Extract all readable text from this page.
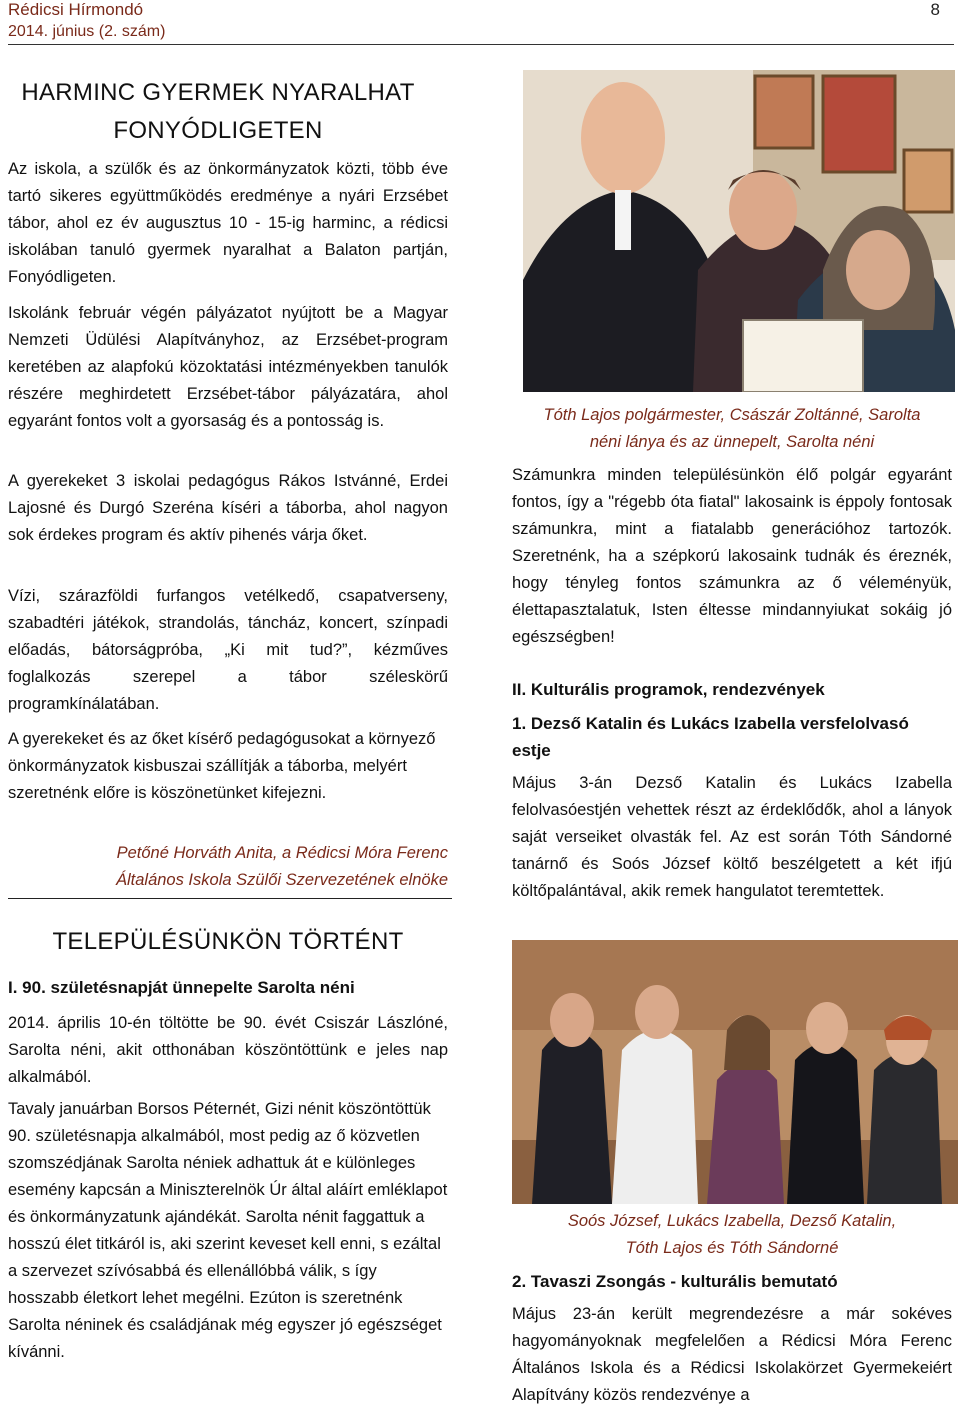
Rédicsi Hírmondó
2014. június (2. szám)
8
HARMINC GYERMEK NYARALHAT
FONYÓDLIGETEN

Az iskola, a szülők és az önkormányzatok közti, több éve tartó sikeres együttműködés eredménye a nyári Erzsébet tábor, ahol ez év augusztus 10 - 15-ig harminc, a rédicsi iskolában tanuló gyermek nyaralhat a Balaton partján, Fonyódligeten.

Iskolánk február végén pályázatot nyújtott be a Magyar Nemzeti Üdülési Alapítványhoz, az Erzsébet-program keretében az alapfokú közoktatási intézményekben tanulók részére meghirdetett Erzsébet-tábor pályázatára, ahol egyaránt fontos volt a gyorsaság és a pontosság is.

A gyerekeket 3 iskolai pedagógus Rákos Istvánné, Erdei Lajosné és Durgó Szeréna kíséri a táborba, ahol nagyon sok érdekes program és aktív pihenés várja őket.

Vízi, szárazföldi furfangos vetélkedő, csapatverseny, szabadtéri játékok, strandolás, táncház, koncert, színpadi előadás, bátorságpróba, „Ki mit tud?”, kézműves foglalkozás szerepel a tábor széleskörű programkínálatában.

A gyerekeket és az őket kísérő pedagógusokat a környező önkormányzatok kisbuszai szállítják a táborba, melyért szeretnénk előre is köszönetünket kifejezni.

Petőné Horváth Anita, a Rédicsi Móra Ferenc
Általános Iskola Szülői Szervezetének elnöke

TELEPÜLÉSÜNKÖN TÖRTÉNT

I. 90. születésnapját ünnepelte Sarolta néni

2014. április 10-én töltötte be 90. évét Csiszár Lászlóné, Sarolta néni, akit otthonában köszöntöttünk e jeles nap alkalmából.

Tavaly januárban Borsos Péternét, Gizi nénit köszöntöttük 90. születésnapja alkalmából, most pedig az ő közvetlen szomszédjának Sarolta néniek adhattuk át e különleges esemény kapcsán a Miniszterelnök Úr által aláírt emléklapot és önkormányzatunk ajándékát. Sarolta nénit faggattuk a hosszú élet titkáról is, aki szerint keveset kell enni, s ezáltal a szervezet szívósabbá és ellenállóbbá válik, s így hosszabb életkort lehet megélni. Ezúton is szeretnénk Sarolta néninek és családjának még egyszer jó egészséget kívánni.

Tóth Lajos polgármester, Császár Zoltánné, Sarolta
néni lánya és az ünnepelt, Sarolta néni

Számunkra minden településünkön élő polgár egyaránt fontos, így a "régebb óta fiatal" lakosaink is éppoly fontosak számunkra, mint a fiatalabb generációhoz tartozók. Szeretnénk, ha a szépkorú lakosaink tudnák és éreznék, hogy tényleg fontos számunkra az ő véleményük, élettapasztalatuk, Isten éltesse mindannyiukat sokáig jó egészségben!

II. Kulturális programok, rendezvények

1. Dezső Katalin és Lukács Izabella versfelolvasó estje

Május 3-án Dezső Katalin és Lukács Izabella felolvasóestjén vehettek részt az érdeklődők, ahol a lányok saját verseiket olvasták fel. Az est során Tóth Sándorné tanárnő és Soós József költő beszélgetett a két ifjú költőpalántával, akik remek hangulatot teremtettek.

Soós József, Lukács Izabella, Dezső Katalin,
Tóth Lajos és Tóth Sándorné

2. Tavaszi Zsongás - kulturális bemutató

Május 23-án került megrendezésre a már sokéves hagyományoknak megfelelően a Rédicsi Móra Ferenc Általános Iskola és a Rédicsi Iskolakörzet Gyermekeiért Alapítvány közös rendezvénye a
